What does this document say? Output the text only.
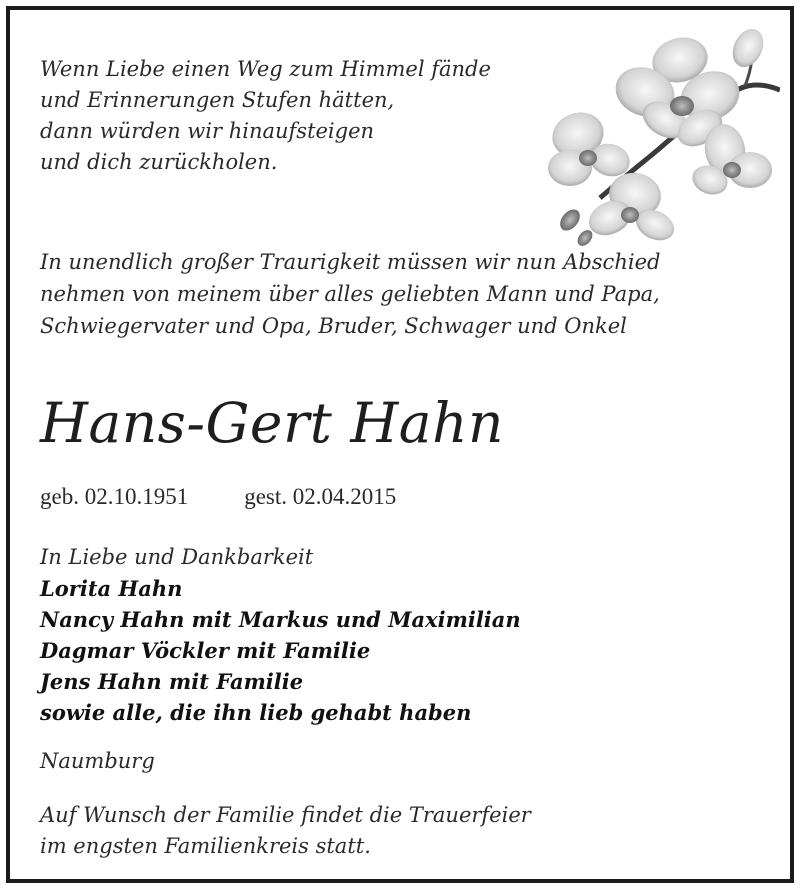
Wenn Liebe einen Weg zum Himmel fände
und Erinnerungen Stufen hätten,
dann würden wir hinaufsteigen
und dich zurückholen.
In unendlich großer Traurigkeit müssen wir nun Abschied
nehmen von meinem über alles geliebten Mann und Papa,
Schwiegervater und Opa, Bruder, Schwager und Onkel
Hans-Gert Hahn
geb. 02.10.1951 gest. 02.04.2015
In Liebe und Dankbarkeit
Lorita Hahn
Nancy Hahn mit Markus und Maximilian
Dagmar Vöckler mit Familie
Jens Hahn mit Familie
sowie alle, die ihn lieb gehabt haben
Naumburg
Auf Wunsch der Familie findet die Trauerfeier
im engsten Familienkreis statt.
